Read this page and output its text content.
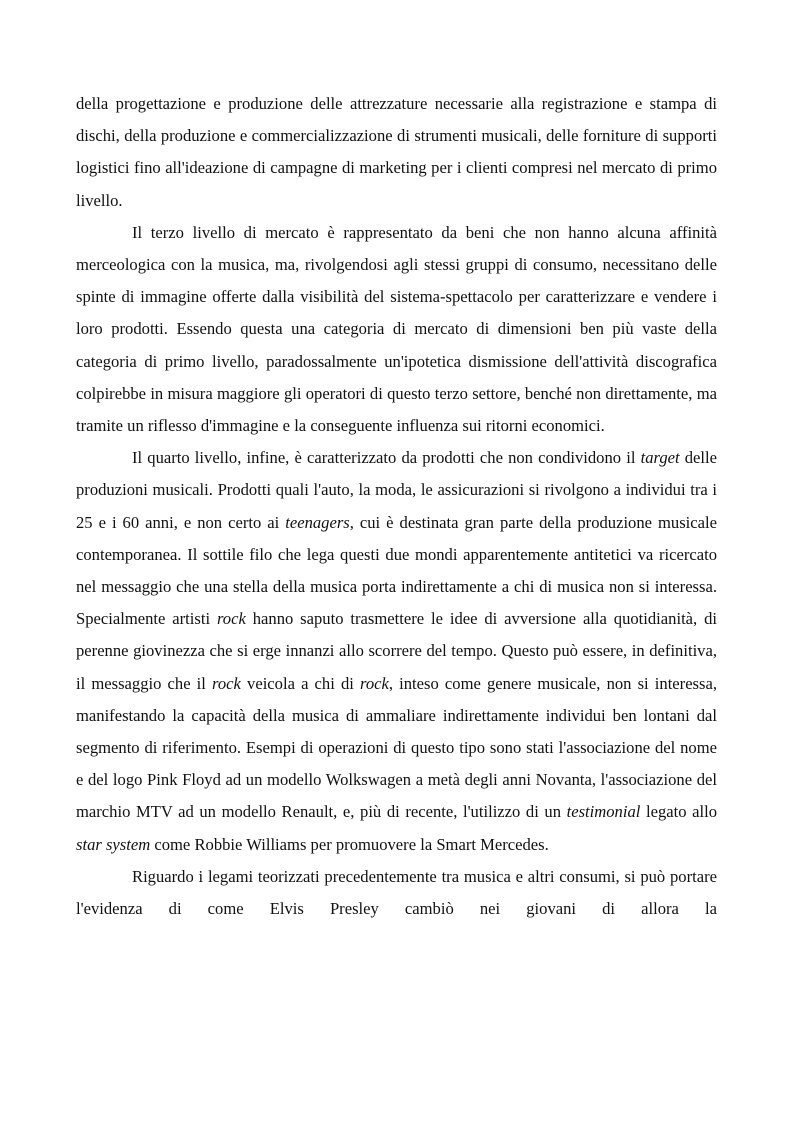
della progettazione e produzione delle attrezzature necessarie alla registrazione e stampa di dischi, della produzione e commercializzazione di strumenti musicali, delle forniture di supporti logistici fino all'ideazione di campagne di marketing per i clienti compresi nel mercato di primo livello.

Il terzo livello di mercato è rappresentato da beni che non hanno alcuna affinità merceologica con la musica, ma, rivolgendosi agli stessi gruppi di consumo, necessitano delle spinte di immagine offerte dalla visibilità del sistema-spettacolo per caratterizzare e vendere i loro prodotti. Essendo questa una categoria di mercato di dimensioni ben più vaste della categoria di primo livello, paradossalmente un'ipotetica dismissione dell'attività discografica colpirebbe in misura maggiore gli operatori di questo terzo settore, benché non direttamente, ma tramite un riflesso d'immagine e la conseguente influenza sui ritorni economici.

Il quarto livello, infine, è caratterizzato da prodotti che non condividono il target delle produzioni musicali. Prodotti quali l'auto, la moda, le assicurazioni si rivolgono a individui tra i 25 e i 60 anni, e non certo ai teenagers, cui è destinata gran parte della produzione musicale contemporanea. Il sottile filo che lega questi due mondi apparentemente antitetici va ricercato nel messaggio che una stella della musica porta indirettamente a chi di musica non si interessa. Specialmente artisti rock hanno saputo trasmettere le idee di avversione alla quotidianità, di perenne giovinezza che si erge innanzi allo scorrere del tempo. Questo può essere, in definitiva, il messaggio che il rock veicola a chi di rock, inteso come genere musicale, non si interessa, manifestando la capacità della musica di ammaliare indirettamente individui ben lontani dal segmento di riferimento. Esempi di operazioni di questo tipo sono stati l'associazione del nome e del logo Pink Floyd ad un modello Wolkswagen a metà degli anni Novanta, l'associazione del marchio MTV ad un modello Renault, e, più di recente, l'utilizzo di un testimonial legato allo star system come Robbie Williams per promuovere la Smart Mercedes.

Riguardo i legami teorizzati precedentemente tra musica e altri consumi, si può portare l'evidenza di come Elvis Presley cambiò nei giovani di allora la
